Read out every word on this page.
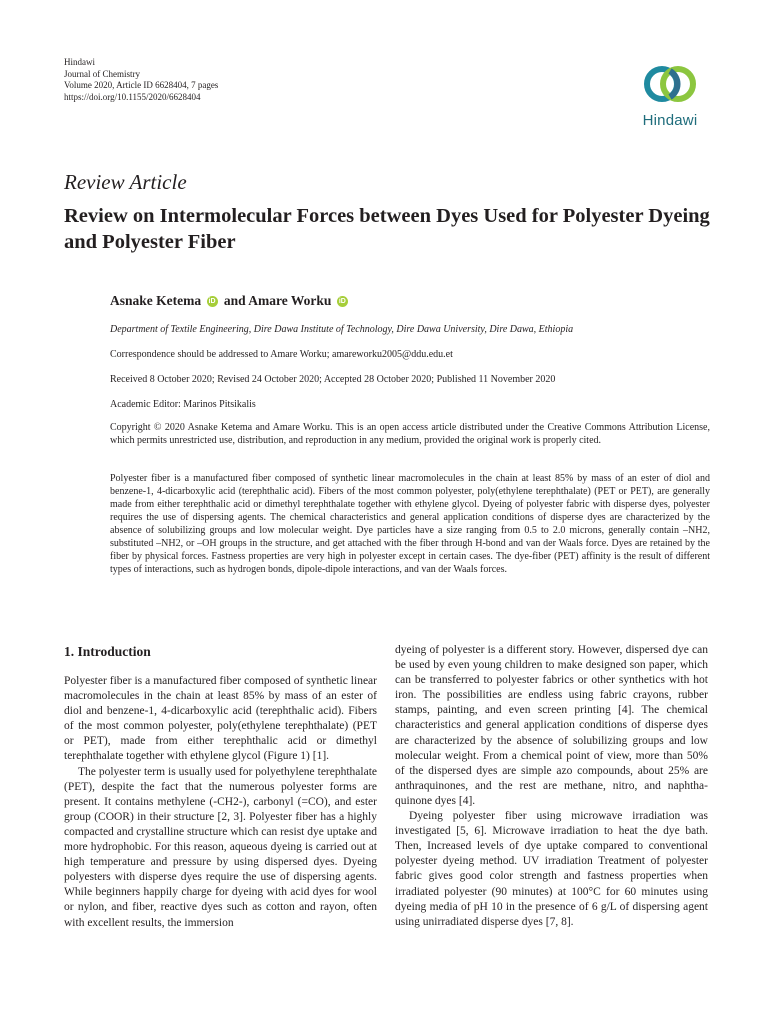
Hindawi
Journal of Chemistry
Volume 2020, Article ID 6628404, 7 pages
https://doi.org/10.1155/2020/6628404
Hindawi
Review Article
Review on Intermolecular Forces between Dyes Used for Polyester Dyeing and Polyester Fiber
Asnake Ketema iD and Amare Worku iD
Department of Textile Engineering, Dire Dawa Institute of Technology, Dire Dawa University, Dire Dawa, Ethiopia
Correspondence should be addressed to Amare Worku; amareworku2005@ddu.edu.et
Received 8 October 2020; Revised 24 October 2020; Accepted 28 October 2020; Published 11 November 2020
Academic Editor: Marinos Pitsikalis
Copyright © 2020 Asnake Ketema and Amare Worku. This is an open access article distributed under the Creative Commons Attribution License, which permits unrestricted use, distribution, and reproduction in any medium, provided the original work is properly cited.

Polyester fiber is a manufactured fiber composed of synthetic linear macromolecules in the chain at least 85% by mass of an ester of diol and benzene-1, 4-dicarboxylic acid (terephthalic acid). Fibers of the most common polyester, poly(ethylene terephthalate) (PET or PET), are generally made from either terephthalic acid or dimethyl terephthalate together with ethylene glycol. Dyeing of polyester fabric with disperse dyes, polyester requires the use of dispersing agents. The chemical characteristics and general application conditions of disperse dyes are characterized by the absence of solubilizing groups and low molecular weight. Dye particles have a size ranging from 0.5 to 2.0 microns, generally contain –NH2, substituted –NH2, or –OH groups in the structure, and get attached with the fiber through H-bond and van der Waals force. Dyes are retained by the fiber by physical forces. Fastness properties are very high in polyester except in certain cases. The dye-fiber (PET) affinity is the result of different types of interactions, such as hydrogen bonds, dipole-dipole interactions, and van der Waals forces.

1. Introduction

Polyester fiber is a manufactured fiber composed of synthetic linear macromolecules in the chain at least 85% by mass of an ester of diol and benzene-1, 4-dicarboxylic acid (terephthalic acid). Fibers of the most common polyester, poly(ethylene terephthalate) (PET or PET), made from either terephthalic acid or dimethyl terephthalate together with ethylene glycol (Figure 1) [1].

The polyester term is usually used for polyethylene terephthalate (PET), despite the fact that the numerous polyester forms are present. It contains methylene (-CH2-), carbonyl (=CO), and ester group (COOR) in their structure [2, 3]. Polyester fiber has a highly compacted and crystalline structure which can resist dye uptake and more hydrophobic. For this reason, aqueous dyeing is carried out at high temperature and pressure by using dispersed dyes. Dyeing polyesters with disperse dyes require the use of dispersing agents. While beginners happily charge for dyeing with acid dyes for wool or nylon, and fiber, reactive dyes such as cotton and rayon, often with excellent results, the immersion

dyeing of polyester is a different story. However, dispersed dye can be used by even young children to make designed son paper, which can be transferred to polyester fabrics or other synthetics with hot iron. The possibilities are endless using fabric crayons, rubber stamps, painting, and even screen printing [4]. The chemical characteristics and general application conditions of disperse dyes are characterized by the absence of solubilizing groups and low molecular weight. From a chemical point of view, more than 50% of the dispersed dyes are simple azo compounds, about 25% are anthraquinones, and the rest are methane, nitro, and naphtha-quinone dyes [4].

Dyeing polyester fiber using microwave irradiation was investigated [5, 6]. Microwave irradiation to heat the dye bath. Then, Increased levels of dye uptake compared to conventional polyester dyeing method. UV irradiation Treatment of polyester fabric gives good color strength and fastness properties when irradiated polyester (90 minutes) at 100°C for 60 minutes using dyeing media of pH 10 in the presence of 6 g/L of dispersing agent using unirradiated disperse dyes [7, 8].
